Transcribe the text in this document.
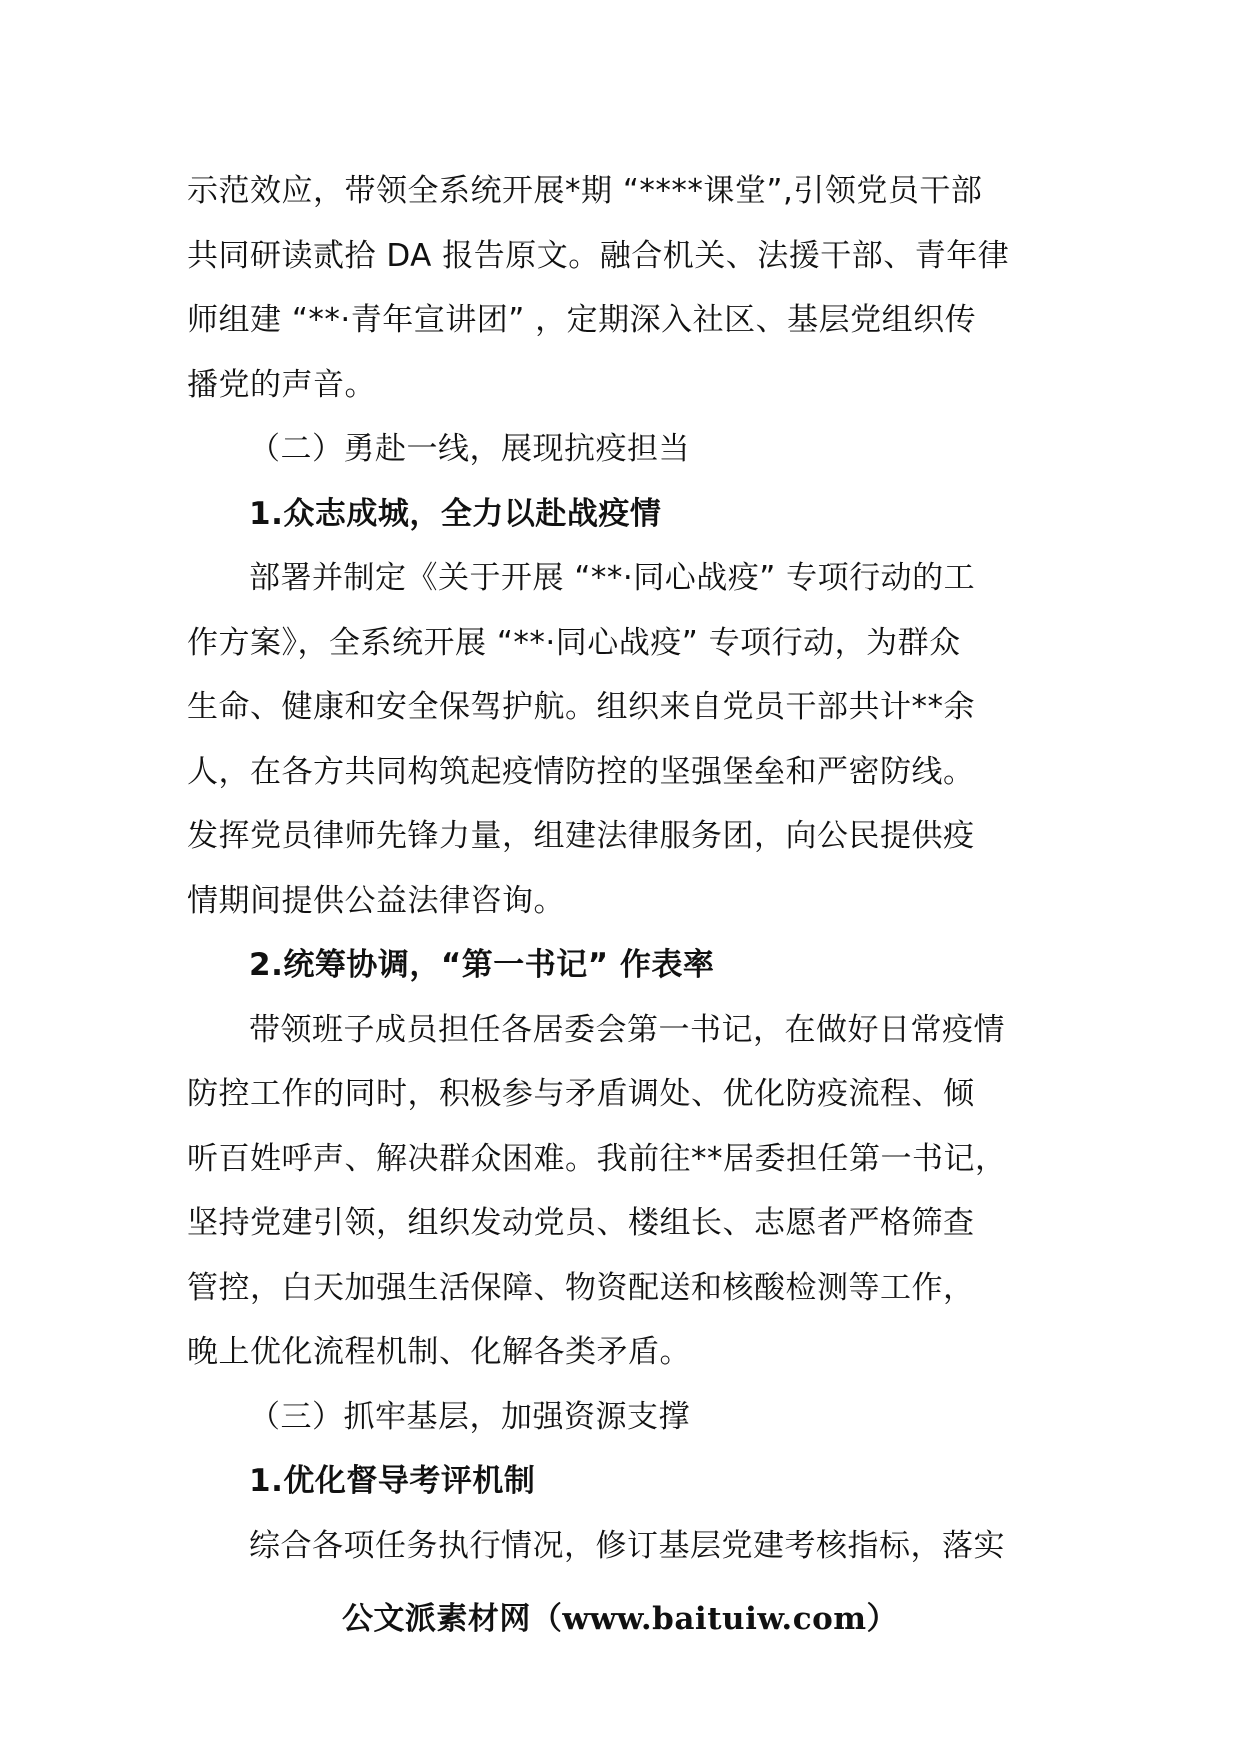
示范效应，带领全系统开展*期 “****课堂”,引领党员干部
共同研读贰拾 DA 报告原文。融合机关、法援干部、青年律
师组建 “**·青年宣讲团” ，定期深入社区、基层党组织传
播党的声音。
（二）勇赴一线，展现抗疫担当
1.众志成城，全力以赴战疫情
部署并制定《关于开展 “**·同心战疫” 专项行动的工
作方案》，全系统开展 “**·同心战疫” 专项行动，为群众
生命、健康和安全保驾护航。组织来自党员干部共计**余
人，在各方共同构筑起疫情防控的坚强堡垒和严密防线。
发挥党员律师先锋力量，组建法律服务团，向公民提供疫
情期间提供公益法律咨询。
2.统筹协调，“第一书记” 作表率
带领班子成员担任各居委会第一书记，在做好日常疫情
防控工作的同时，积极参与矛盾调处、优化防疫流程、倾
听百姓呼声、解决群众困难。我前往**居委担任第一书记，
坚持党建引领，组织发动党员、楼组长、志愿者严格筛查
管控，白天加强生活保障、物资配送和核酸检测等工作，
晚上优化流程机制、化解各类矛盾。
（三）抓牢基层，加强资源支撑
1.优化督导考评机制
综合各项任务执行情况，修订基层党建考核指标，落实
公文派素材网（www.baituiw.com）
